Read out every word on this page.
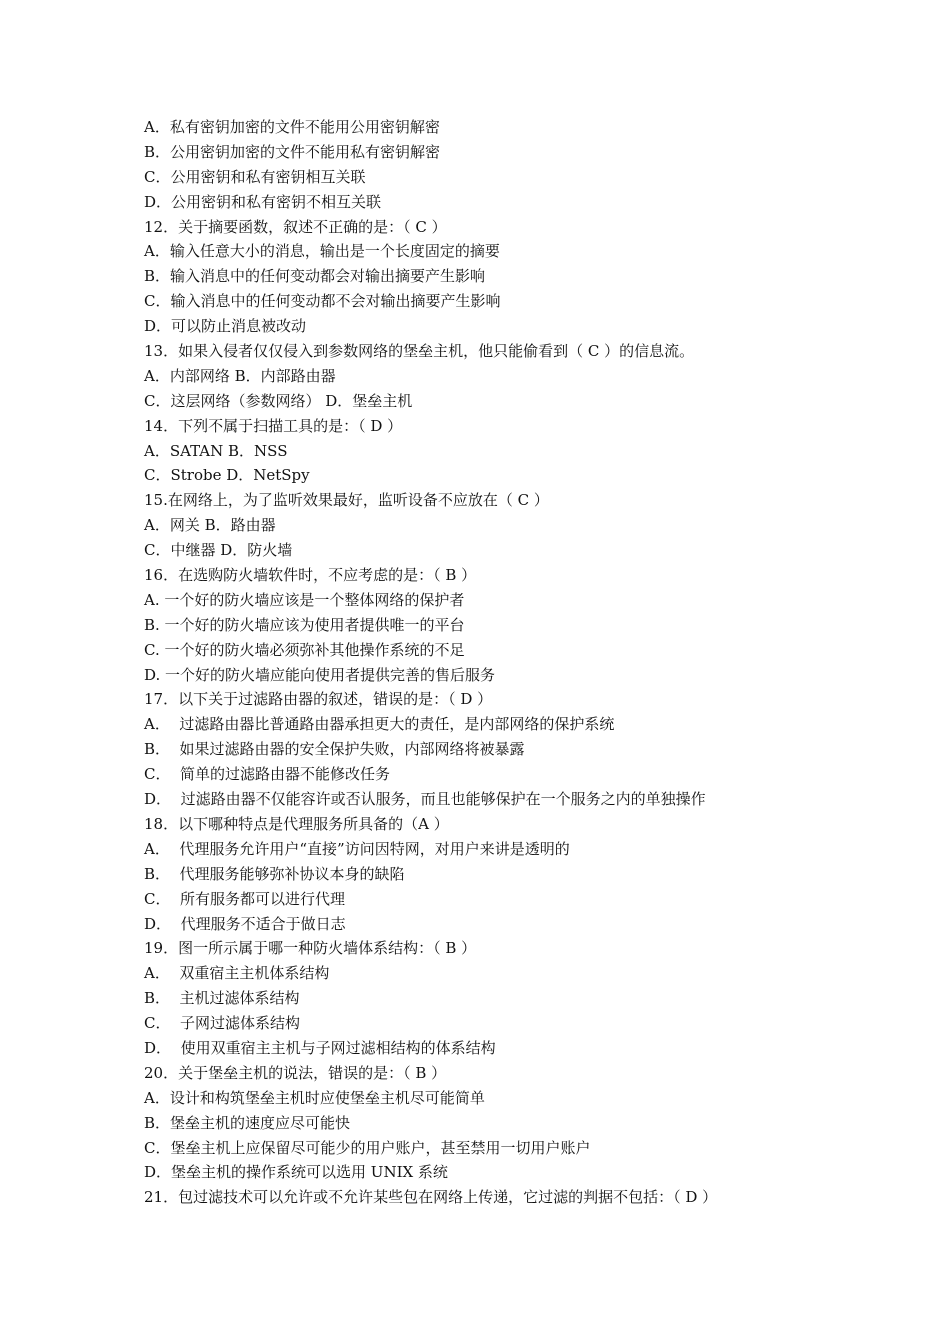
A．私有密钥加密的文件不能用公用密钥解密
B．公用密钥加密的文件不能用私有密钥解密
C．公用密钥和私有密钥相互关联
D．公用密钥和私有密钥不相互关联
12．关于摘要函数，叙述不正确的是：（ C ）
A．输入任意大小的消息，输出是一个长度固定的摘要
B．输入消息中的任何变动都会对输出摘要产生影响
C．输入消息中的任何变动都不会对输出摘要产生影响
D．可以防止消息被改动
13．如果入侵者仅仅侵入到参数网络的堡垒主机，他只能偷看到（ C ）的信息流。
A．内部网络 B．内部路由器
C．这层网络（参数网络） D．堡垒主机
14．下列不属于扫描工具的是：（ D ）
A．SATAN B．NSS
C．Strobe D．NetSpy
15.在网络上，为了监听效果最好，监听设备不应放在（ C ）
A．网关 B．路由器
C．中继器 D．防火墙
16．在选购防火墙软件时，不应考虑的是：（ B ）
A. 一个好的防火墙应该是一个整体网络的保护者
B. 一个好的防火墙应该为使用者提供唯一的平台
C. 一个好的防火墙必须弥补其他操作系统的不足
D. 一个好的防火墙应能向使用者提供完善的售后服务
17．以下关于过滤路由器的叙述，错误的是：（ D ）
A．  过滤路由器比普通路由器承担更大的责任，是内部网络的保护系统
B．  如果过滤路由器的安全保护失败，内部网络将被暴露
C．  简单的过滤路由器不能修改任务
D．  过滤路由器不仅能容许或否认服务，而且也能够保护在一个服务之内的单独操作
18．以下哪种特点是代理服务所具备的（A ）
A．  代理服务允许用户“直接”访问因特网，对用户来讲是透明的
B．  代理服务能够弥补协议本身的缺陷
C．  所有服务都可以进行代理
D．  代理服务不适合于做日志
19．图一所示属于哪一种防火墙体系结构：（ B ）
A．  双重宿主主机体系结构
B．  主机过滤体系结构
C．  子网过滤体系结构
D．  使用双重宿主主机与子网过滤相结构的体系结构
20．关于堡垒主机的说法，错误的是：（ B ）
A．设计和构筑堡垒主机时应使堡垒主机尽可能简单
B．堡垒主机的速度应尽可能快
C．堡垒主机上应保留尽可能少的用户账户，甚至禁用一切用户账户
D．堡垒主机的操作系统可以选用 UNIX 系统
21．包过滤技术可以允许或不允许某些包在网络上传递，它过滤的判据不包括：（ D ）
